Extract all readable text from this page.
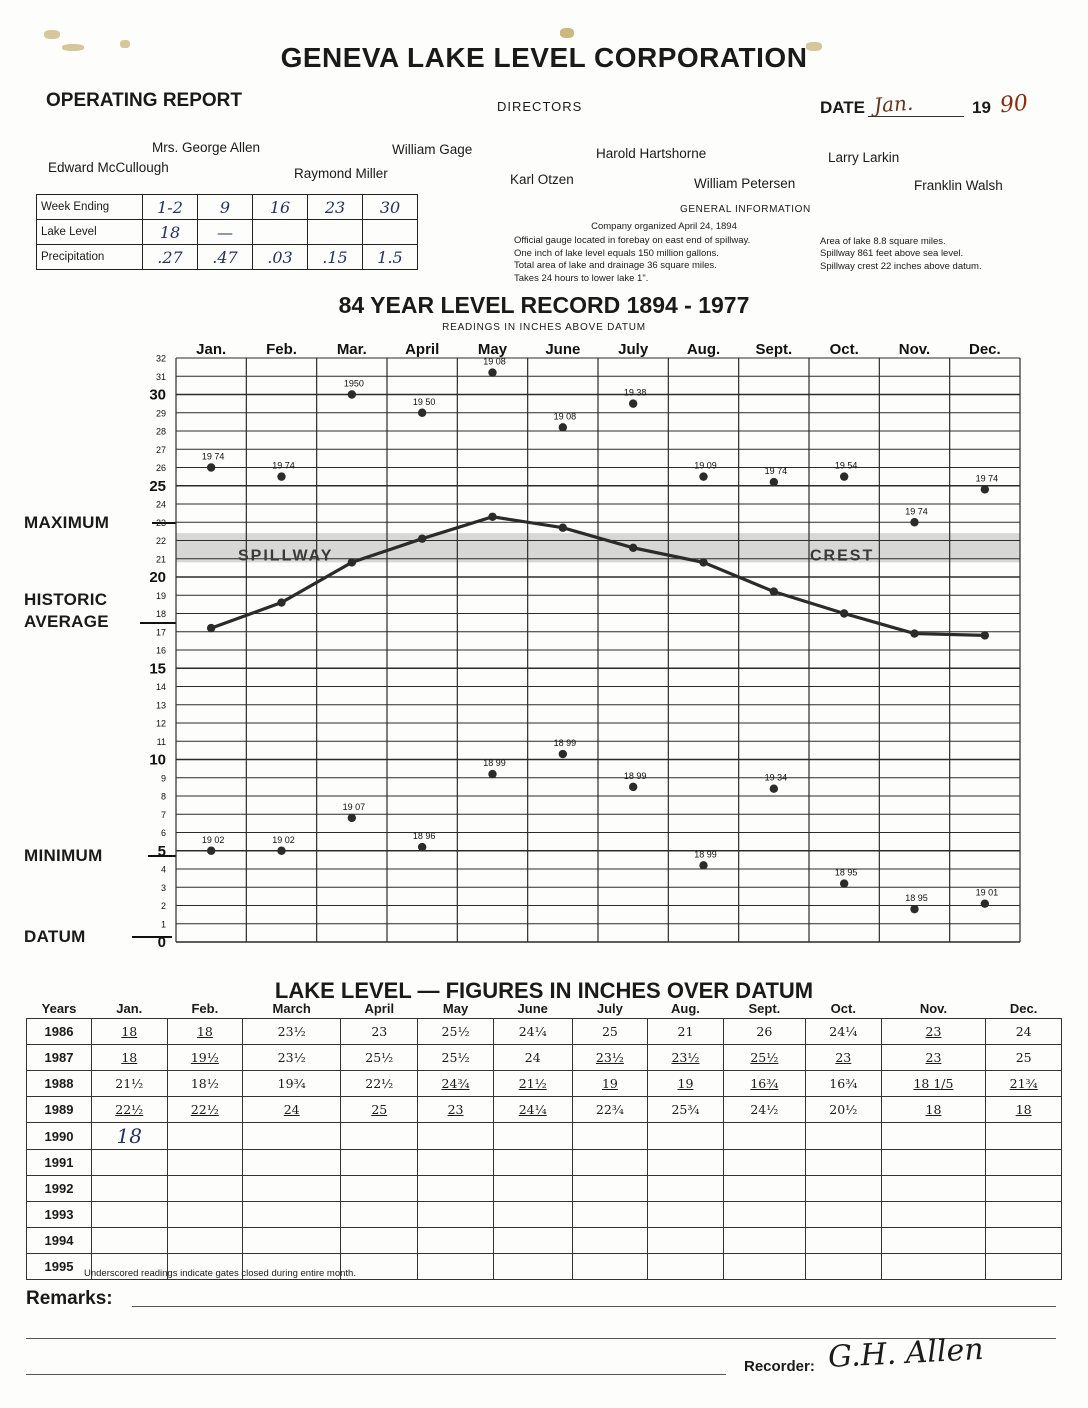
GENEVA LAKE LEVEL CORPORATION
OPERATING REPORT	DIRECTORS	DATE Jan.	19 90
Mrs. George Allen	William Gage	Harold Hartshorne	Larry Larkin
Edward McCullough	Raymond Miller	Karl Otzen	William Petersen	Franklin Walsh
Week Ending	1-2	9	16	23	30
Lake Level	18	—			
Precipitation	.27	.47	.03	.15	1.5
GENERAL INFORMATION
Company organized April 24, 1894
Official gauge located in forebay on east end of spillway.
One inch of lake level equals 150 million gallons.
Total area of lake and drainage 36 square miles.
Takes 24 hours to lower lake 1".
Area of lake 8.8 square miles.
Spillway 861 feet above sea level.
Spillway crest 22 inches above datum.
84 YEAR LEVEL RECORD 1894 - 1977
READINGS IN INCHES ABOVE DATUM
MAXIMUM
HISTORIC
AVERAGE
MINIMUM
DATUM	0
1
2
3
4
5
6
7
8
9
10
11
12
13
14
15
16
17
18
19
20
21
22
23
24
25
26
27
28
29
30
31
32
Jan.	Feb.	Mar.	April	May	June	July	Aug. Sept. Oct.	Nov.	Dec.
SPILLWAY	CREST
19 74
19 74
1950
19 50
19 08
19 08
19 38
19 09
19 74
19 54
19 74
19 74
19 02	19 02
19 07
18 96
18 99
18 99
18 99
18 99
19 34
18 95
18 95
19 01
LAKE LEVEL — FIGURES IN INCHES OVER DATUM
Years	Jan.	Feb.	March	April	May	June	July	Aug.	Sept.	Oct.	Nov.	Dec.
1986	18	18	23½	23	25½	24¼	25	21	26	24¼	23	24
1987	18	19½	23½	25½	25½	24	23½	23½	25½	23	23	25
1988	21½	18½	19¾	22½	24¾	21½	19	19	16¾	16¾	18 1/5	21¾
1989	22½	22½	24	25	23	24¼	22¾	25¾	24½	20½	18	18
1990	18											
1991												
1992												
1993												
1994												
1995												Underscored readings indicate gates closed during entire month.
Remarks:
Recorder: G.H. Allen
